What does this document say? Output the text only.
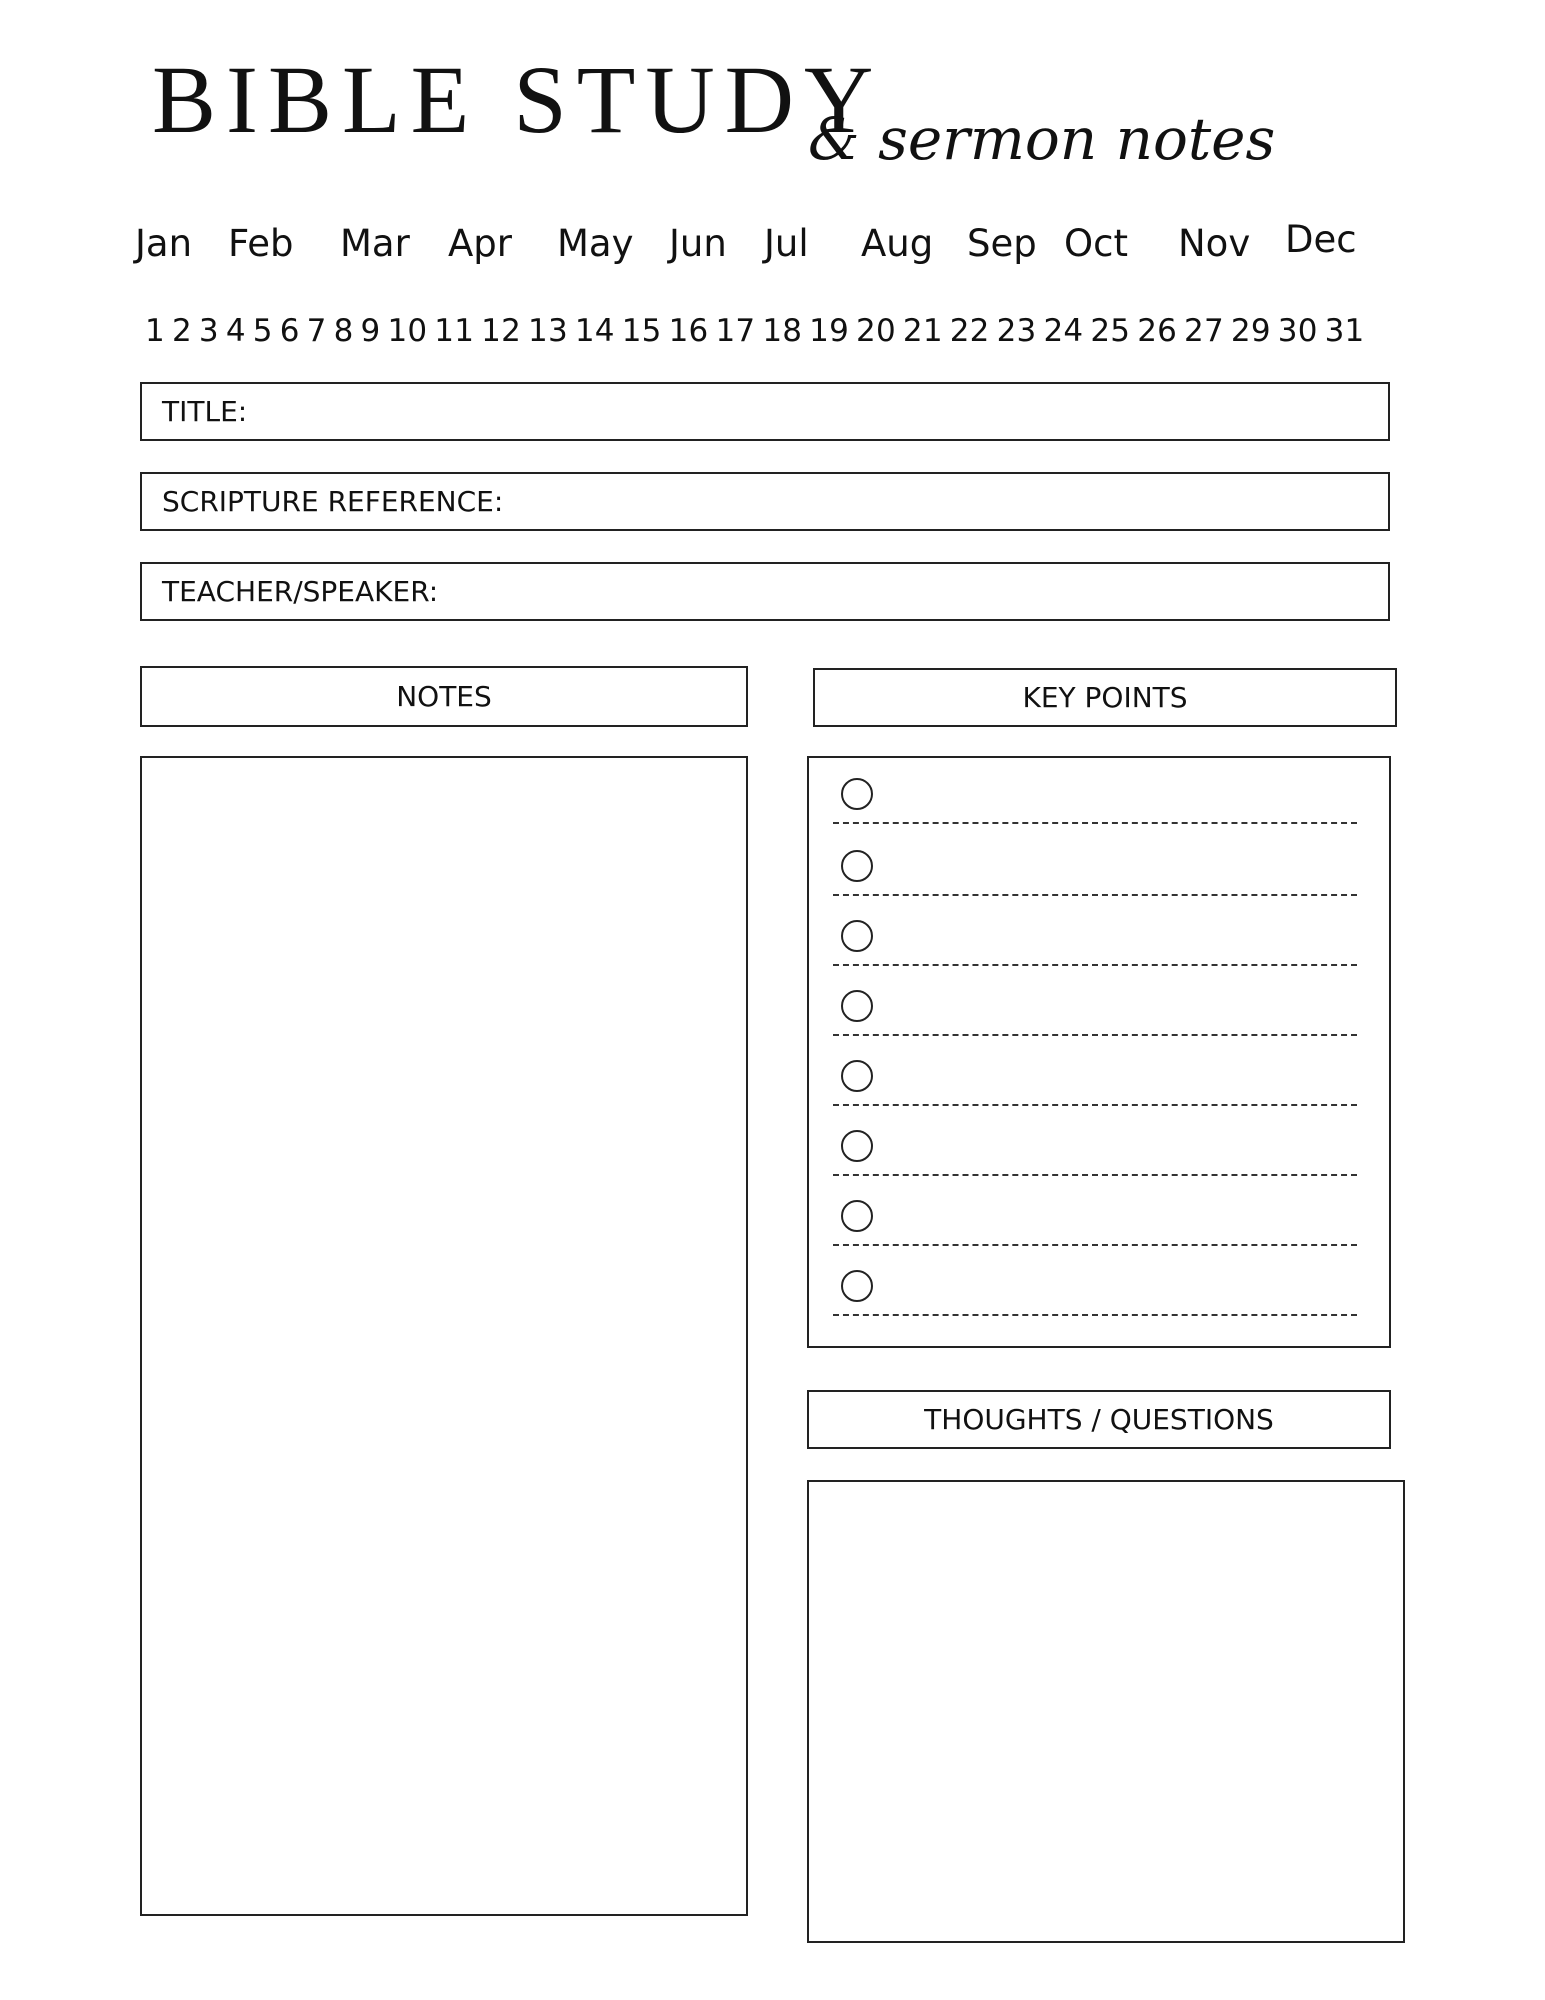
BIBLE STUDY
& sermon notes
Jan Feb Mar Apr May Jun Jul Aug Sep Oct Nov Dec
1 2 3 4 5 6 7 8 9 10 11 12 13 14 15 16 17 18 19 20 21 22 23 24 25 26 27 29 30 31
TITLE:
SCRIPTURE REFERENCE:
TEACHER/SPEAKER:
NOTES	KEY POINTS
THOUGHTS / QUESTIONS
